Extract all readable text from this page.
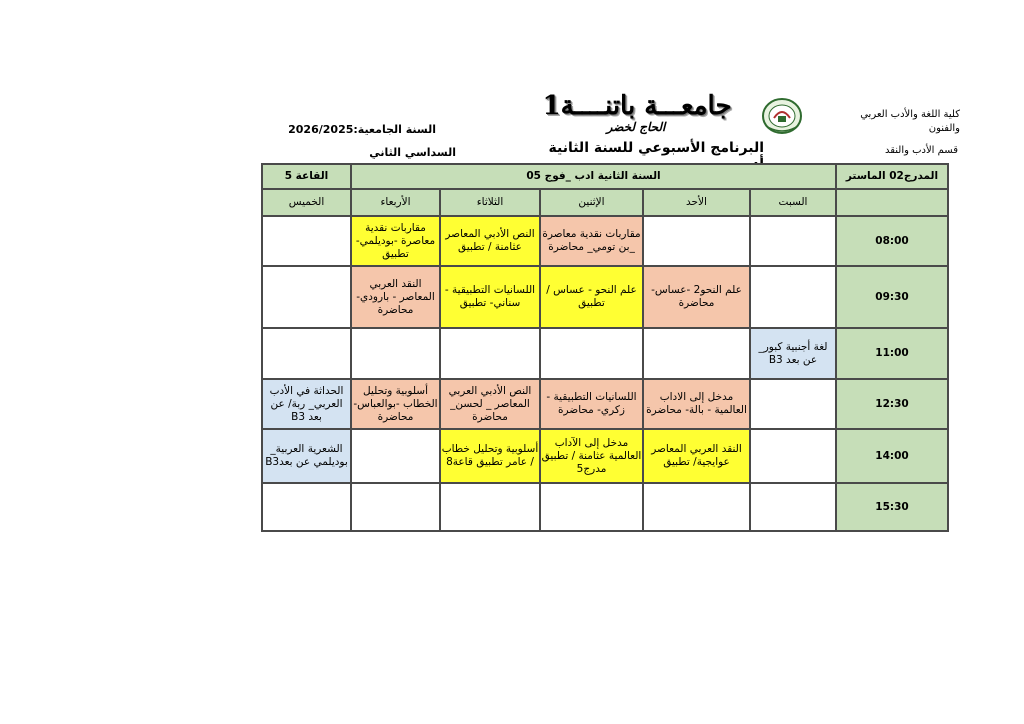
جامعـــة باتنــــة1
الحاج لخضر
كلية اللغة والأدب العربي والفنون
قسم الأدب والنقد
السنة الجامعية:2026/2025
البرنامج الأسبوعي للسنة الثانية
السداسي الثاني
المدرج02 الماستر	السنة الثانية ادب _فوج 05					القاعة 5
	السبت	الأحد	الإثنين	الثلاثاء	الأربعاء	الخميس
08:00			مقاربات نقدية معاصرة _بن تومي_ محاضرة	النص الأدبي المعاصر عثامنة / تطبيق	مقاربات نقدية معاصرة -بوديلمي- تطبيق	
09:30		علم النحو2 -عساس- محاضرة	علم النحو - عساس / تطبيق	اللسانيات التطبيقية - سناني- تطبيق	النقد العربي المعاصر - بارودي- محاضرة	
11:00	لغة أجنبية كبور_ عن بعد B3					
12:30		مدخل إلى الاداب العالمية - بالة- محاضرة	اللسانيات التطبيقية - زكري- محاضرة	النص الأدبي العربي المعاصر _ لحسن_ محاضرة	أسلوبية وتحليل الخطاب -بوالعباس- محاضرة	الحداثة في الأدب العربي_ ربة/ عن بعد B3
14:00		النقد العربي المعاصر عوايجية/ تطبيق	مدخل إلى الآداب العالمية عثامنة / تطبيق مدرج5	أسلوبية وتحليل خطاب / عامر تطبيق قاعة8		الشعرية العربية_ بوديلمي عن بعدB3
15:30						
